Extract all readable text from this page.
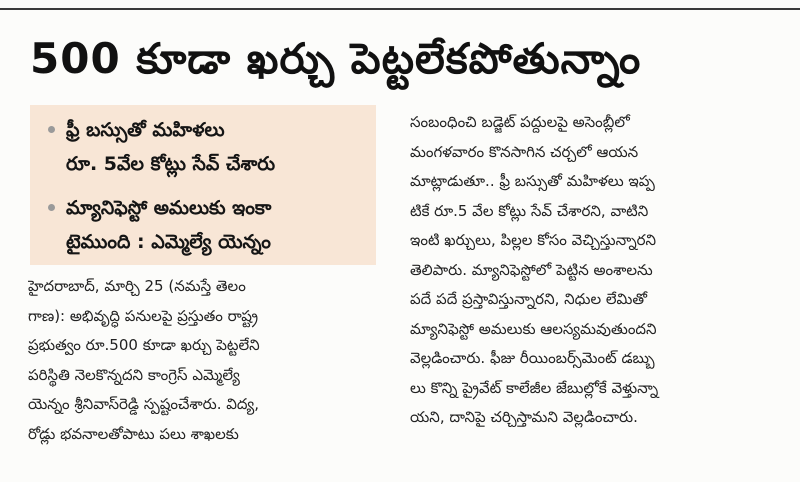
500 కూడా ఖర్చు పెట్టలేకపోతున్నాం
ఫ్రీ బస్సుతో మహిళలు
రూ. 5వేల కోట్లు సేవ్ చేశారు
మ్యానిఫెస్టో అమలుకు ఇంకా
టైముంది : ఎమ్మెల్యే యెన్నం
హైదరాబాద్, మార్చి 25 (నమస్తే తెలం
గాణ): అభివృద్ధి పనులపై ప్రస్తుతం రాష్ట్ర
ప్రభుత్వం రూ.500 కూడా ఖర్చు పెట్టలేని
పరిస్థితి నెలకొన్నదని కాంగ్రెస్ ఎమ్మెల్యే
యెన్నం శ్రీనివాస్‌రెడ్డి స్పష్టంచేశారు. విద్య,
రోడ్లు భవనాలతోపాటు పలు శాఖలకు
సంబంధించి బడ్జెట్ పద్దులపై అసెంబ్లీలో
మంగళవారం కొనసాగిన చర్చలో ఆయన
మాట్లాడుతూ.. ఫ్రీ బస్సుతో మహిళలు ఇప్ప
టికే రూ.5 వేల కోట్లు సేవ్ చేశారని, వాటిని
ఇంటి ఖర్చులు, పిల్లల కోసం వెచ్చిస్తున్నారని
తెలిపారు. మ్యానిఫెస్టోలో పెట్టిన అంశాలను
పదే పదే ప్రస్తావిస్తున్నారని, నిధుల లేమితో
మ్యానిఫెస్టో అమలుకు ఆలస్యమవుతుందని
వెల్లడించారు. ఫీజు రీయింబర్స్‌మెంట్ డబ్బు
లు కొన్ని ప్రైవేట్ కాలేజీల జేబుల్లోకే వెళ్తున్నా
యని, దానిపై చర్చిస్తామని వెల్లడించారు.
